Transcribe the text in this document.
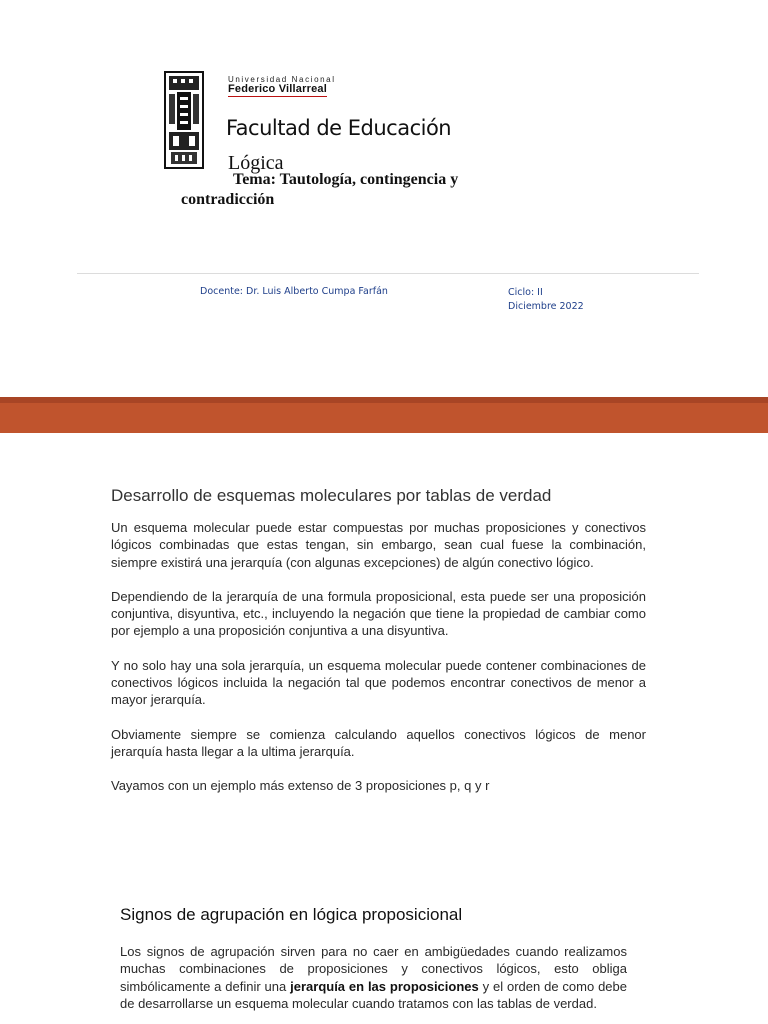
Universidad Nacional
Federico Villarreal
Facultad de Educación
Lógica
Tema: Tautología, contingencia y contradicción
Docente: Dr. Luis Alberto Cumpa Farfán	Ciclo: II
Diciembre 2022
Desarrollo de esquemas moleculares por tablas de verdad

Un esquema molecular puede estar compuestas por muchas proposiciones y conectivos lógicos combinadas que estas tengan, sin embargo, sean cual fuese la combinación, siempre existirá una jerarquía (con algunas excepciones) de algún conectivo lógico.

Dependiendo de la jerarquía de una formula proposicional, esta puede ser una proposición conjuntiva, disyuntiva, etc., incluyendo la negación que tiene la propiedad de cambiar como por ejemplo a una proposición conjuntiva a una disyuntiva.

Y no solo hay una sola jerarquía, un esquema molecular puede contener combinaciones de conectivos lógicos incluida la negación tal que podemos encontrar conectivos de menor a mayor jerarquía.

Obviamente siempre se comienza calculando aquellos conectivos lógicos de menor jerarquía hasta llegar a la ultima jerarquía.

Vayamos con un ejemplo más extenso de 3 proposiciones p, q y r

Signos de agrupación en lógica proposicional

Los signos de agrupación sirven para no caer en ambigüedades cuando realizamos muchas combinaciones de proposiciones y conectivos lógicos, esto obliga simbólicamente a definir una jerarquía en las proposiciones y el orden de como debe de desarrollarse un esquema molecular cuando tratamos con las tablas de verdad.
